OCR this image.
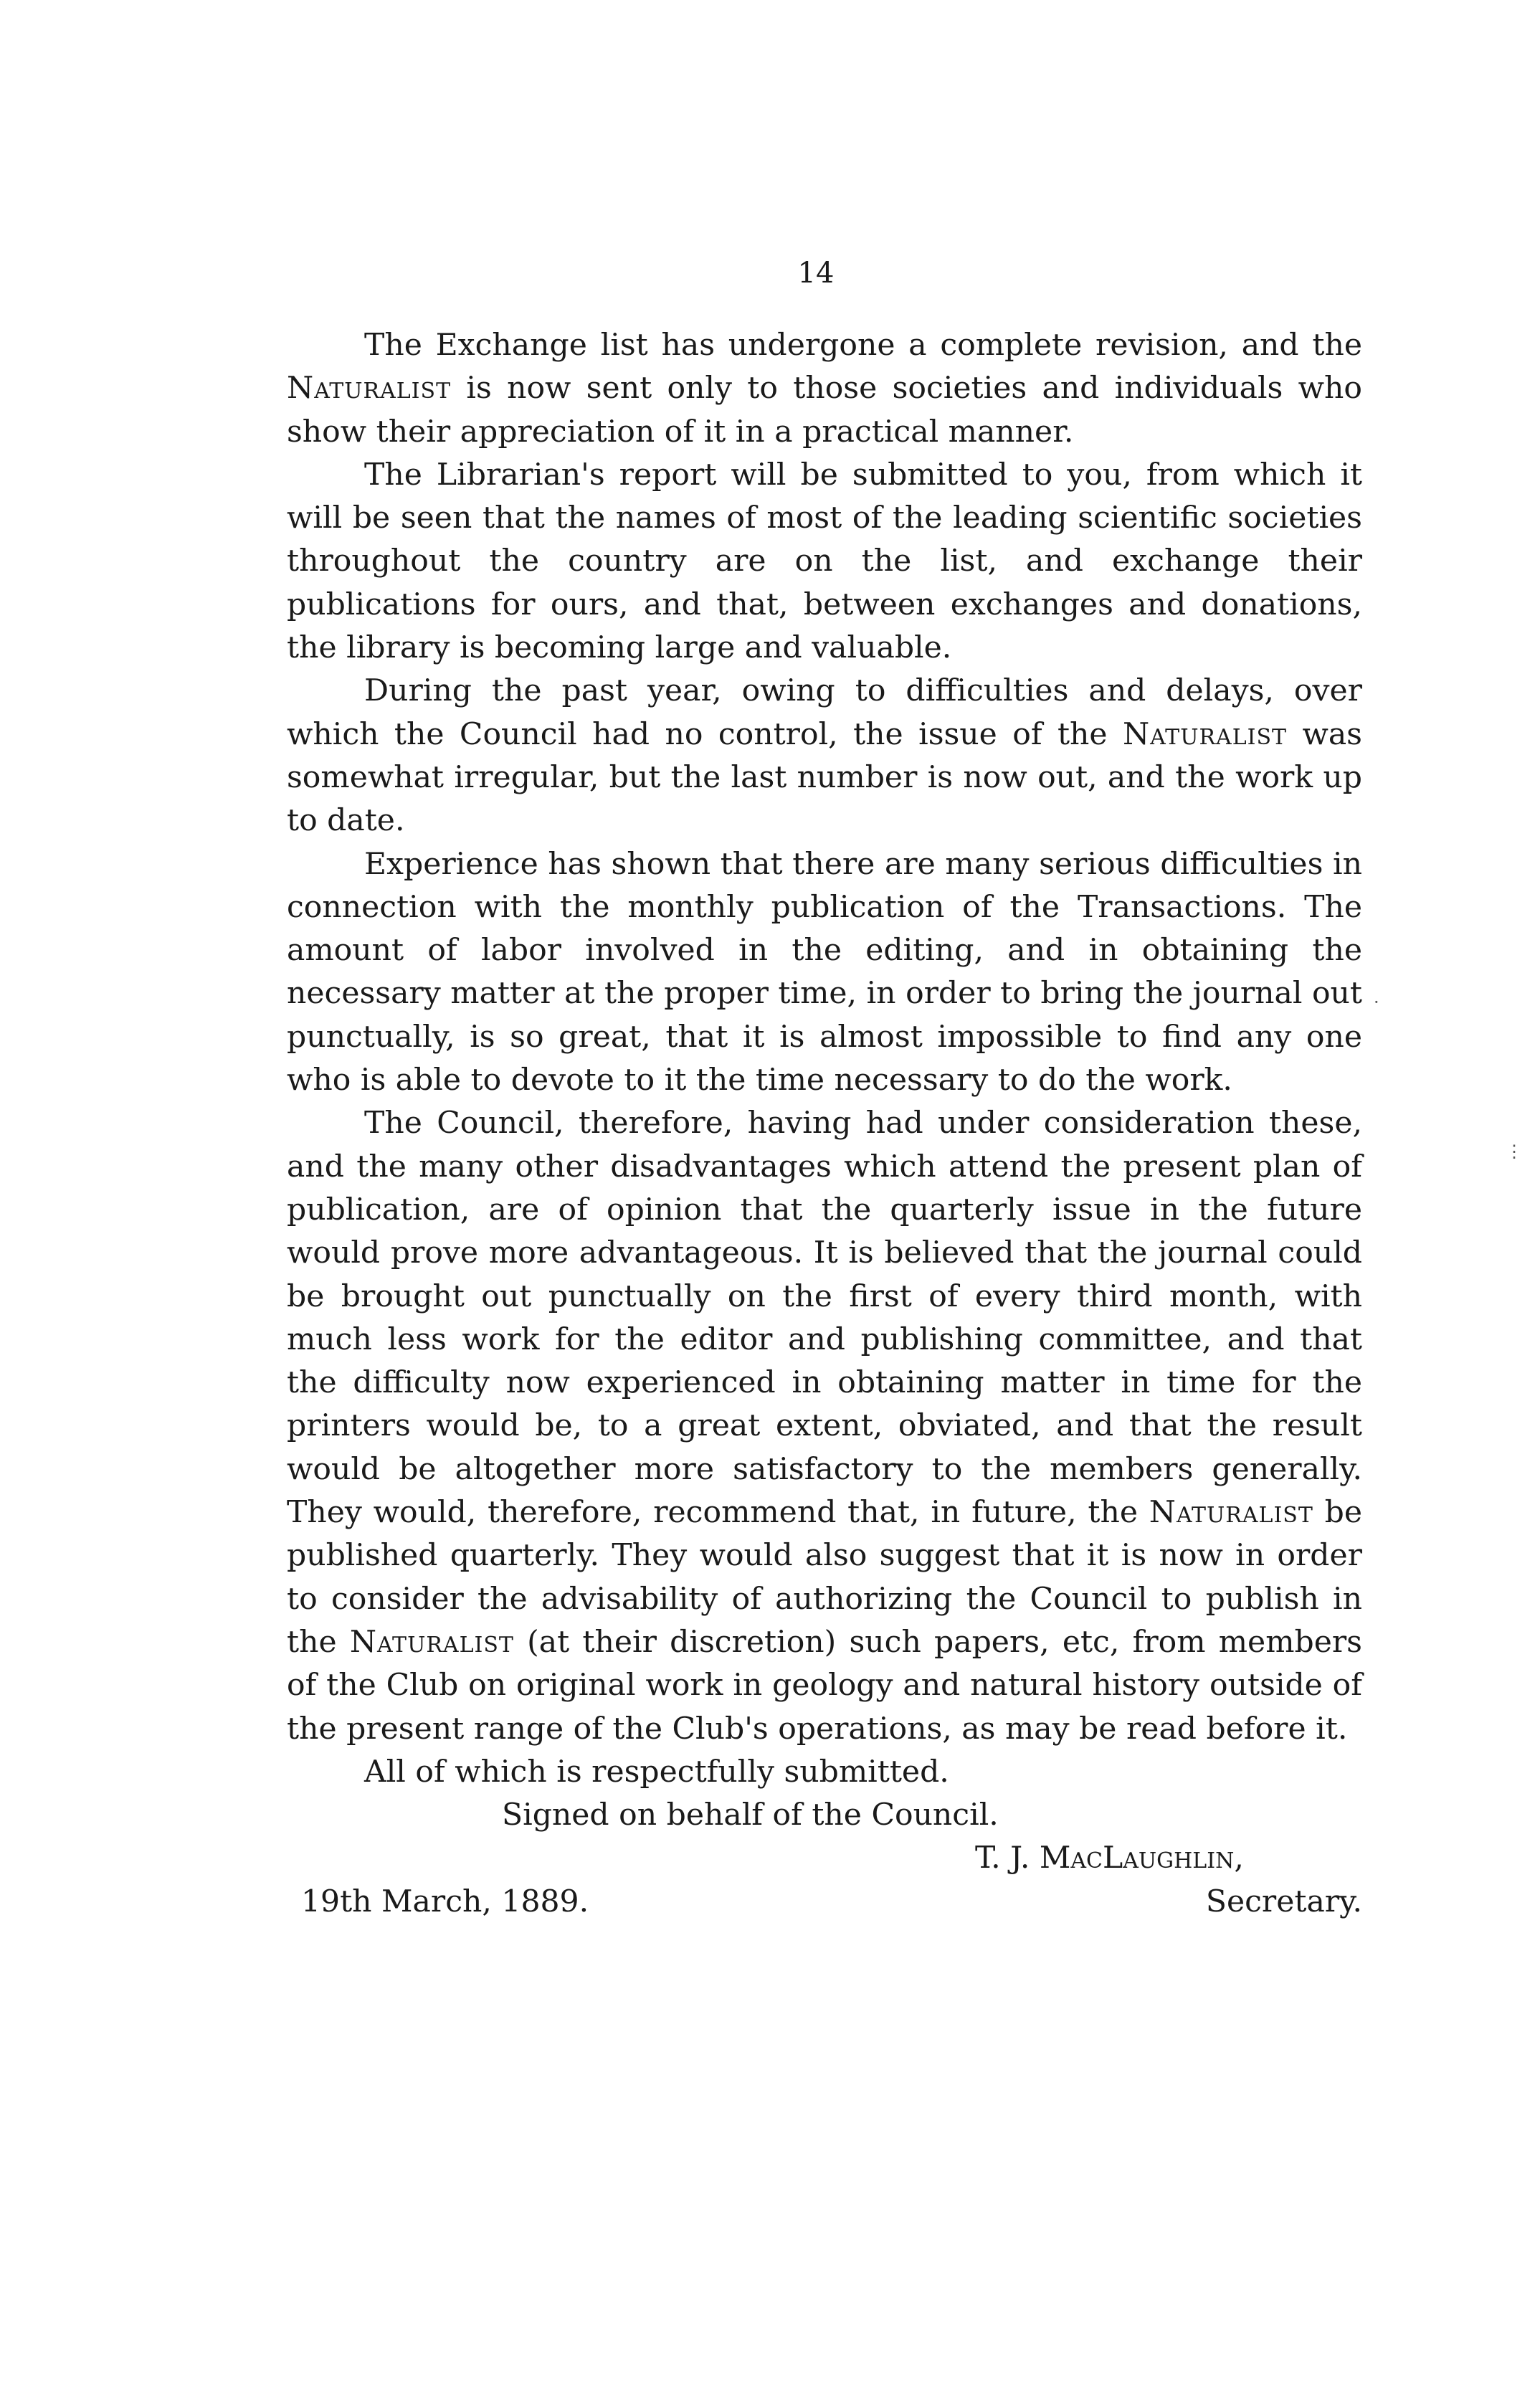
14

The Exchange list has undergone a complete revision, and the Naturalist is now sent only to those societies and individuals who show their appreciation of it in a practical manner.

The Librarian's report will be submitted to you, from which it will be seen that the names of most of the leading scientific societies throughout the country are on the list, and exchange their publications for ours, and that, between exchanges and donations, the library is becoming large and valuable.

During the past year, owing to difficulties and delays, over which the Council had no control, the issue of the Naturalist was somewhat irregular, but the last number is now out, and the work up to date.

Experience has shown that there are many serious difficulties in connection with the monthly publication of the Transactions. The amount of labor involved in the editing, and in obtaining the necessary matter at the proper time, in order to bring the journal out punctually, is so great, that it is almost impossible to find any one who is able to devote to it the time necessary to do the work.

The Council, therefore, having had under consideration these, and the many other disadvantages which attend the present plan of publication, are of opinion that the quarterly issue in the future would prove more advantageous. It is believed that the journal could be brought out punctually on the first of every third month, with much less work for the editor and publishing committee, and that the difficulty now experienced in obtaining matter in time for the printers would be, to a great extent, obviated, and that the result would be altogether more satisfactory to the members generally. They would, therefore, recommend that, in future, the Naturalist be published quarterly. They would also suggest that it is now in order to consider the advisability of authorizing the Council to publish in the Naturalist (at their discretion) such papers, etc, from members of the Club on original work in geology and natural history outside of the present range of the Club's operations, as may be read before it.

All of which is respectfully submitted.

Signed on behalf of the Council.

T. J. MacLaughlin,
19th March, 1889.	Secretary.
·
⋮
